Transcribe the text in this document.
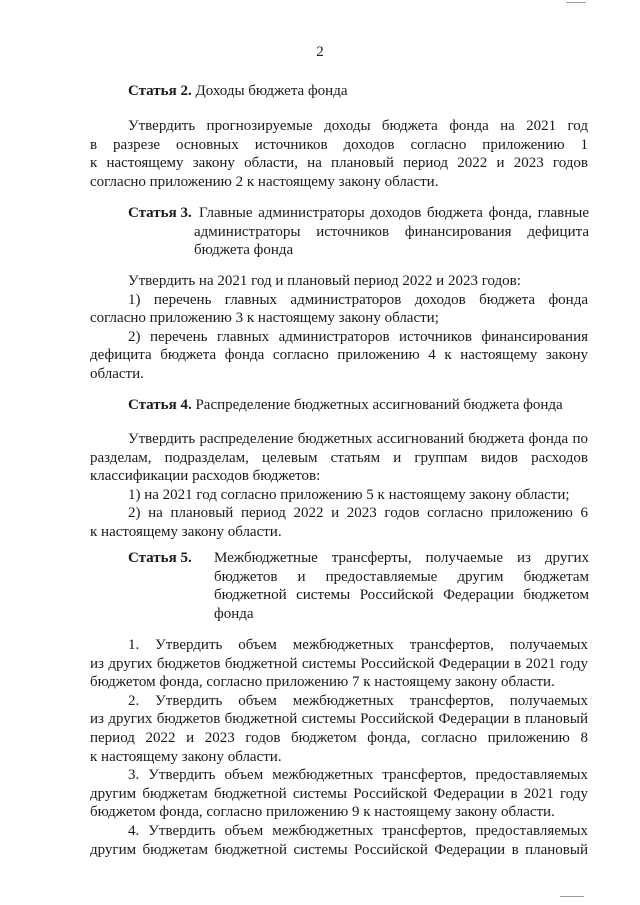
2
Статья 2. Доходы бюджета фонда

Утвердить прогнозируемые доходы бюджета фонда на 2021 год

в разрезе основных источников доходов согласно приложению 1

к настоящему закону области, на плановый период 2022 и 2023 годов

согласно приложению 2 к настоящему закону области.

Статья 3. Главные администраторы доходов бюджета фонда, главные

администраторы источников финансирования дефицита

бюджета фонда

Утвердить на 2021 год и плановый период 2022 и 2023 годов:

1) перечень главных администраторов доходов бюджета фонда

согласно приложению 3 к настоящему закону области;

2) перечень главных администраторов источников финансирования

дефицита бюджета фонда согласно приложению 4 к настоящему закону

области.

Статья 4. Распределение бюджетных ассигнований бюджета фонда

Утвердить распределение бюджетных ассигнований бюджета фонда по

разделам, подразделам, целевым статьям и группам видов расходов

классификации расходов бюджетов:

1) на 2021 год согласно приложению 5 к настоящему закону области;

2) на плановый период 2022 и 2023 годов согласно приложению 6

к настоящему закону области.

Статья 5. Межбюджетные трансферты, получаемые из других

бюджетов и предоставляемые другим бюджетам

бюджетной системы Российской Федерации бюджетом

фонда

1. Утвердить объем межбюджетных трансфертов, получаемых

из других бюджетов бюджетной системы Российской Федерации в 2021 году

бюджетом фонда, согласно приложению 7 к настоящему закону области.

2. Утвердить объем межбюджетных трансфертов, получаемых

из других бюджетов бюджетной системы Российской Федерации в плановый

период 2022 и 2023 годов бюджетом фонда, согласно приложению 8

к настоящему закону области.

3. Утвердить объем межбюджетных трансфертов, предоставляемых

другим бюджетам бюджетной системы Российской Федерации в 2021 году

бюджетом фонда, согласно приложению 9 к настоящему закону области.

4. Утвердить объем межбюджетных трансфертов, предоставляемых

другим бюджетам бюджетной системы Российской Федерации в плановый
